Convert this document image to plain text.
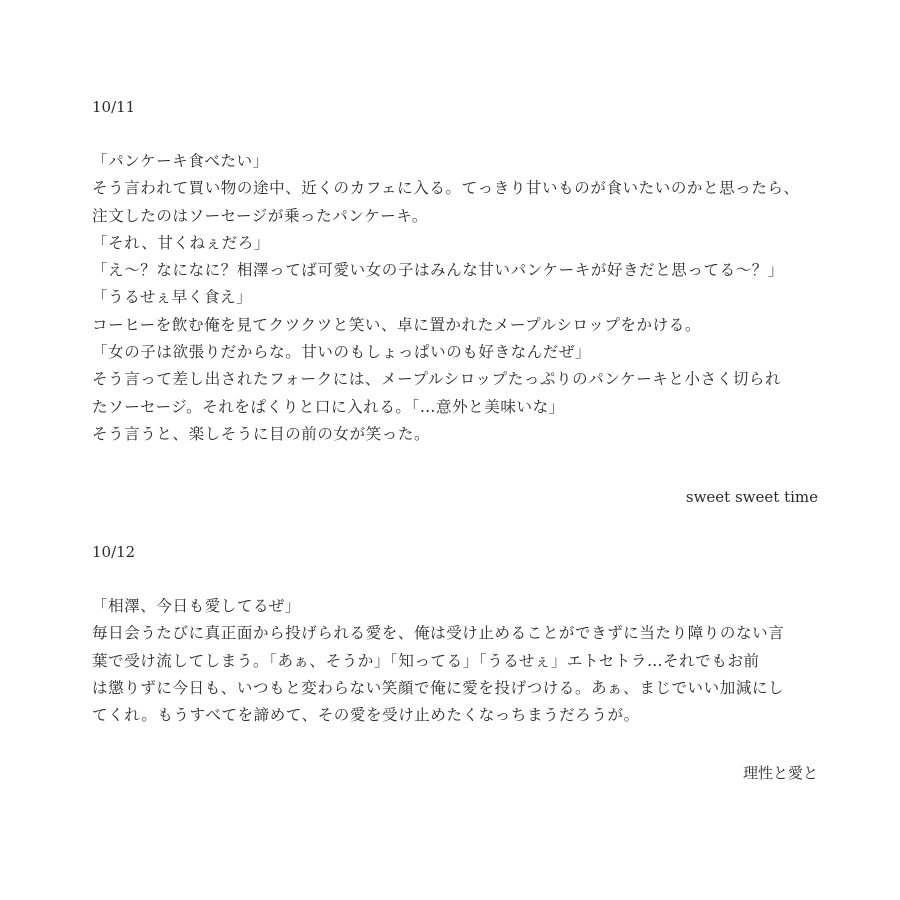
10/11
「パンケーキ食べたい」
そう言われて買い物の途中、近くのカフェに入る。てっきり甘いものが食いたいのかと思ったら、
注文したのはソーセージが乗ったパンケーキ。
「それ、甘くねぇだろ」
「え〜？なになに？相澤ってば可愛い女の子はみんな甘いパンケーキが好きだと思ってる〜？」
「うるせぇ早く食え」
コーヒーを飲む俺を見てクツクツと笑い、卓に置かれたメープルシロップをかける。
「女の子は欲張りだからな。甘いのもしょっぱいのも好きなんだぜ」
そう言って差し出されたフォークには、メープルシロップたっぷりのパンケーキと小さく切られ
たソーセージ。それをぱくりと口に入れる。「…意外と美味いな」
そう言うと、楽しそうに目の前の女が笑った。
sweet sweet time
10/12
「相澤、今日も愛してるぜ」
毎日会うたびに真正面から投げられる愛を、俺は受け止めることができずに当たり障りのない言
葉で受け流してしまう。「あぁ、そうか」「知ってる」「うるせぇ」エトセトラ…それでもお前
は懲りずに今日も、いつもと変わらない笑顔で俺に愛を投げつける。あぁ、まじでいい加減にし
てくれ。もうすべてを諦めて、その愛を受け止めたくなっちまうだろうが。
理性と愛と
